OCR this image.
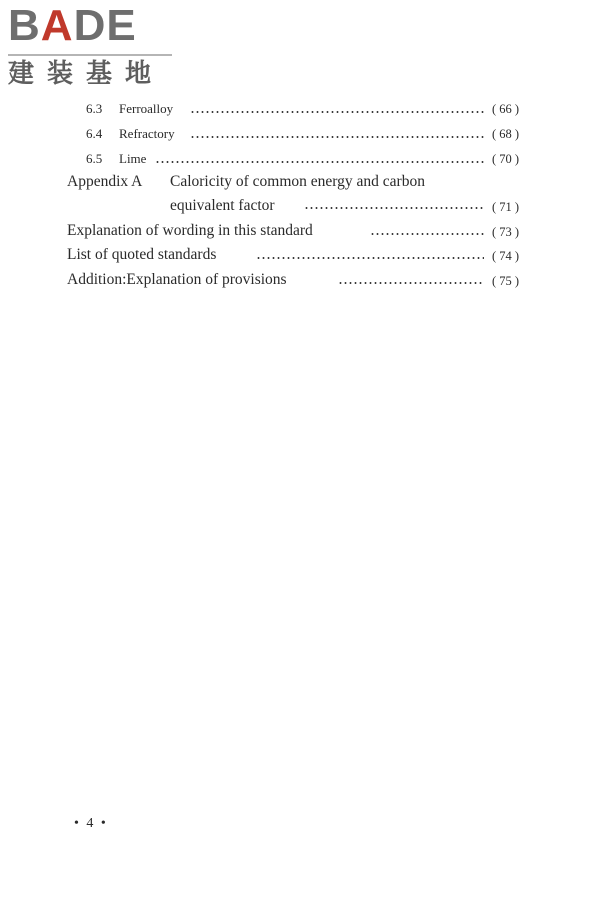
BADE
建装基地
6.3 Ferroalloy	( 66 )
6.4 Refractory	( 68 )
6.5 Lime	( 70 )
Appendix A Caloricity of common energy and carbon
equivalent factor	( 71 )
Explanation of wording in this standard	( 73 )
List of quoted standards	( 74 )
Addition:Explanation of provisions	( 75 )
• 4 •
